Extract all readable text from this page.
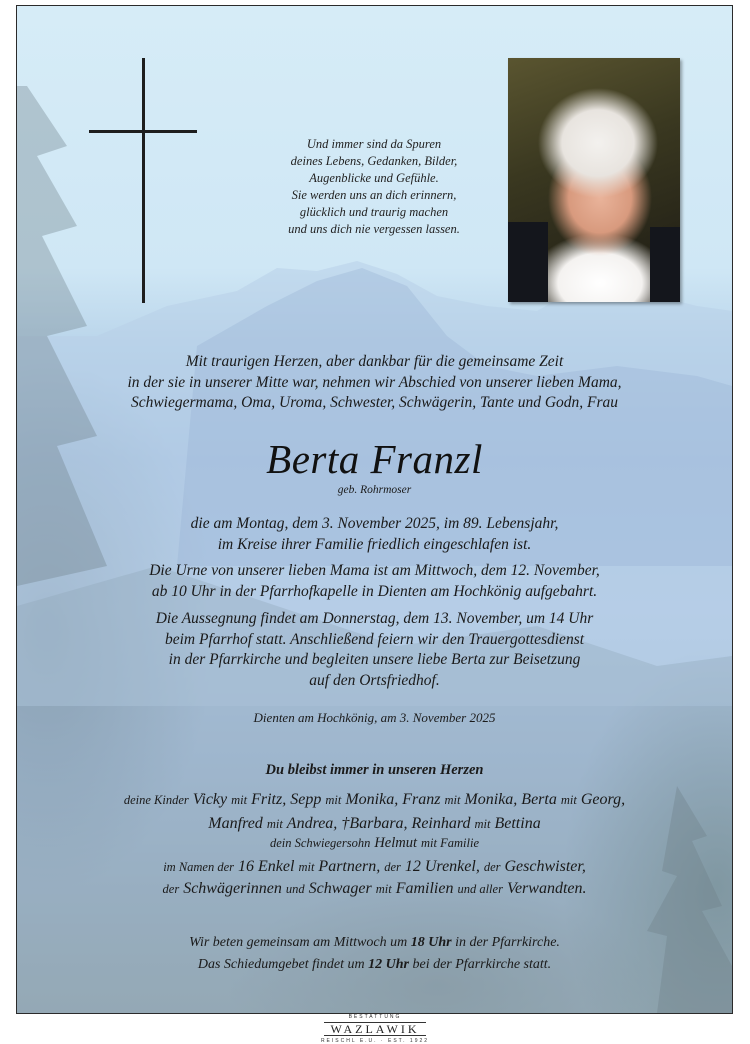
Und immer sind da Spuren
deines Lebens, Gedanken, Bilder,
Augenblicke und Gefühle.
Sie werden uns an dich erinnern,
glücklich und traurig machen
und uns dich nie vergessen lassen.
Mit traurigen Herzen, aber dankbar für die gemeinsame Zeit
in der sie in unserer Mitte war, nehmen wir Abschied von unserer lieben Mama,
Schwiegermama, Oma, Uroma, Schwester, Schwägerin, Tante und Godn, Frau
Berta Franzl
geb. Rohrmoser
die am Montag, dem 3. November 2025, im 89. Lebensjahr,
im Kreise ihrer Familie friedlich eingeschlafen ist.
Die Urne von unserer lieben Mama ist am Mittwoch, dem 12. November,
ab 10 Uhr in der Pfarrhofkapelle in Dienten am Hochkönig aufgebahrt.
Die Aussegnung findet am Donnerstag, dem 13. November, um 14 Uhr
beim Pfarrhof statt. Anschließend feiern wir den Trauergottesdienst
in der Pfarrkirche und begleiten unsere liebe Berta zur Beisetzung
auf den Ortsfriedhof.
Dienten am Hochkönig, am 3. November 2025
Du bleibst immer in unseren Herzen
deine Kinder Vicky mit Fritz, Sepp mit Monika, Franz mit Monika, Berta mit Georg,
Manfred mit Andrea, †Barbara, Reinhard mit Bettina
dein Schwiegersohn Helmut mit Familie
im Namen der 16 Enkel mit Partnern, der 12 Urenkel, der Geschwister,
der Schwägerinnen und Schwager mit Familien und aller Verwandten.
Wir beten gemeinsam am Mittwoch um 18 Uhr in der Pfarrkirche.
Das Schiedumgebet findet um 12 Uhr bei der Pfarrkirche statt.
BESTATTUNG
WAZLAWIK
REISCHL E.U. · EST. 1922
